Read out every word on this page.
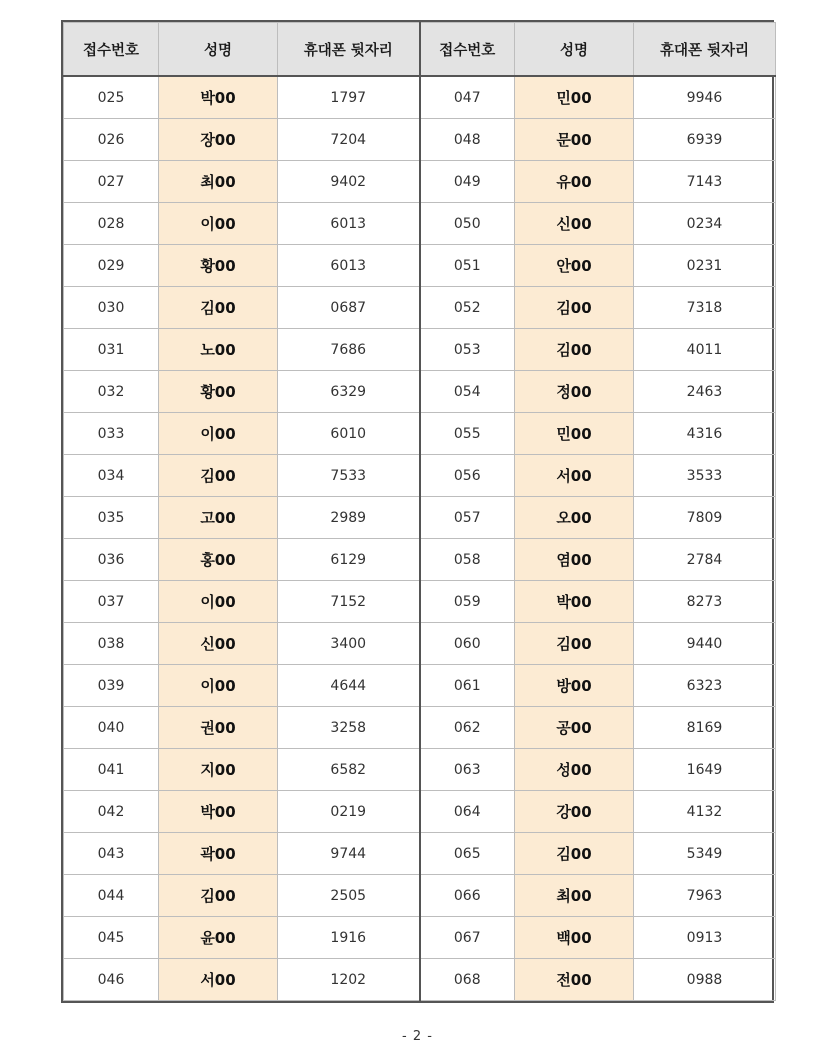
접수번호	성명	휴대폰 뒷자리	접수번호	성명	휴대폰 뒷자리
025	박00	1797	047	민00	9946
026	장00	7204	048	문00	6939
027	최00	9402	049	유00	7143
028	이00	6013	050	신00	0234
029	황00	6013	051	안00	0231
030	김00	0687	052	김00	7318
031	노00	7686	053	김00	4011
032	황00	6329	054	정00	2463
033	이00	6010	055	민00	4316
034	김00	7533	056	서00	3533
035	고00	2989	057	오00	7809
036	홍00	6129	058	염00	2784
037	이00	7152	059	박00	8273
038	신00	3400	060	김00	9440
039	이00	4644	061	방00	6323
040	권00	3258	062	공00	8169
041	지00	6582	063	성00	1649
042	박00	0219	064	강00	4132
043	곽00	9744	065	김00	5349
044	김00	2505	066	최00	7963
045	윤00	1916	067	백00	0913
046	서00	1202	068	전00	0988
- 2 -
